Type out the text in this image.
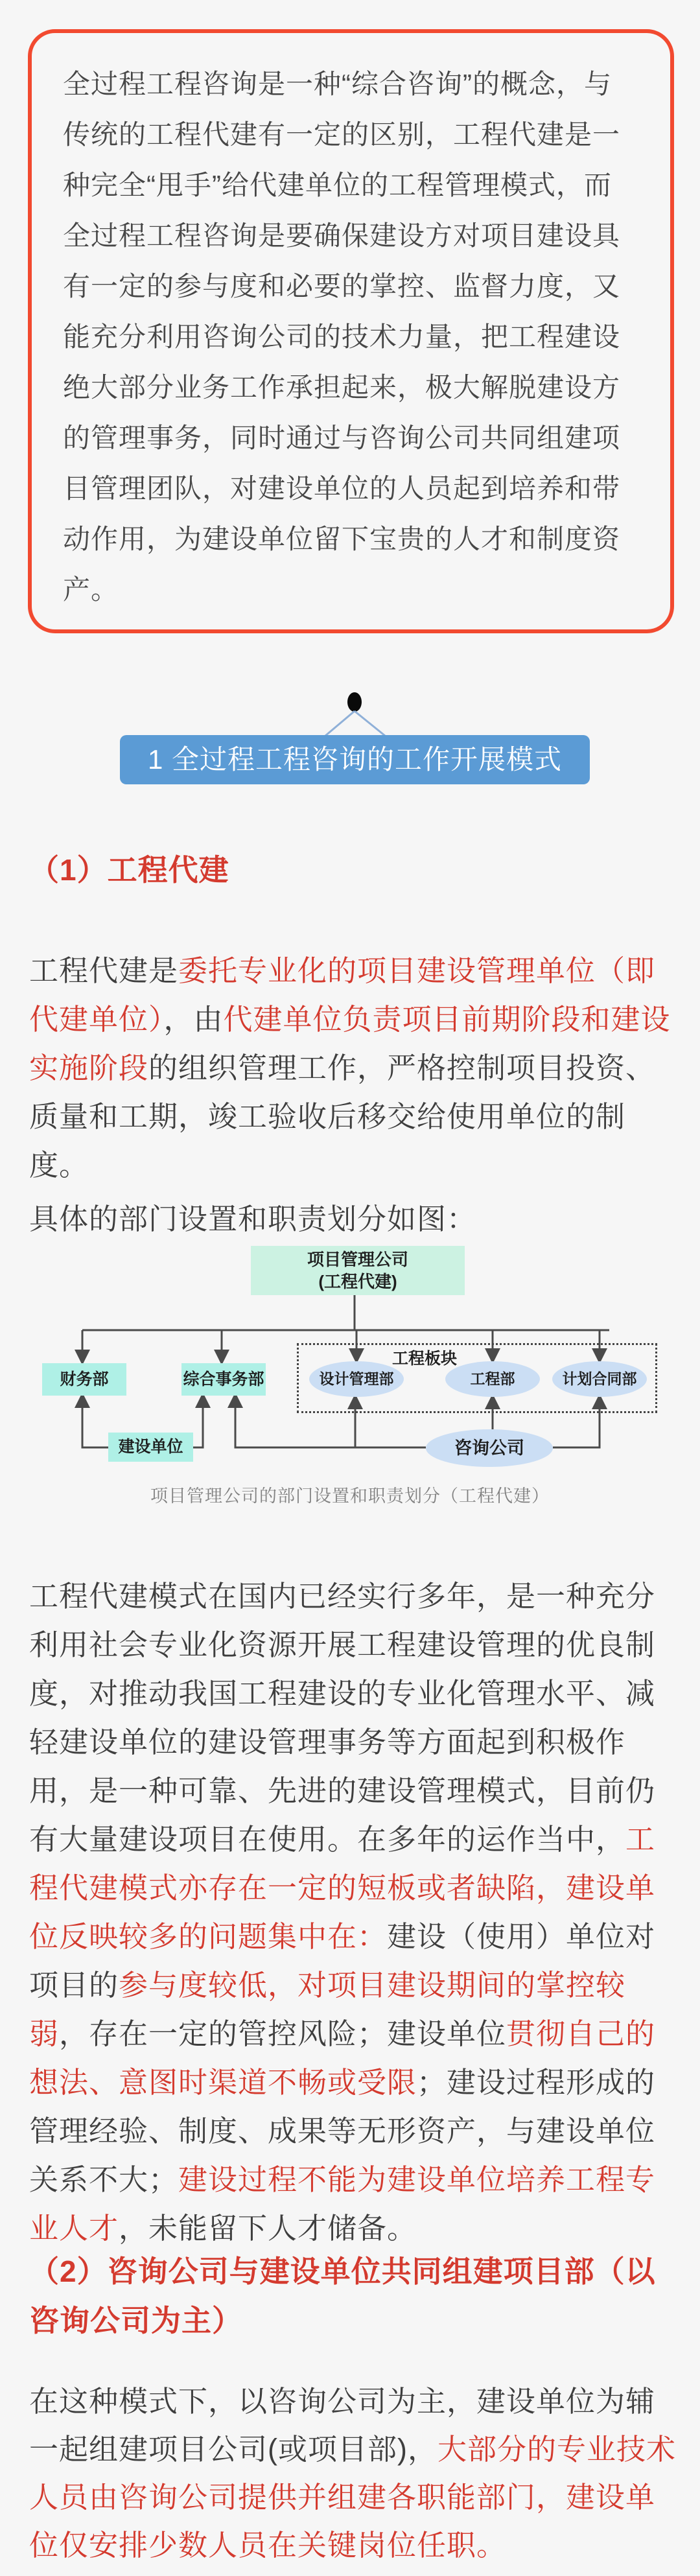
全过程工程咨询是一种“综合咨询”的概念，与传统的工程代建有一定的区别，工程代建是一种完全“甩手”给代建单位的工程管理模式，而全过程工程咨询是要确保建设方对项目建设具有一定的参与度和必要的掌控、监督力度，又能充分利用咨询公司的技术力量，把工程建设绝大部分业务工作承担起来，极大解脱建设方的管理事务，同时通过与咨询公司共同组建项目管理团队，对建设单位的人员起到培养和带动作用，为建设单位留下宝贵的人才和制度资产。
1 全过程工程咨询的工作开展模式
（1）工程代建
工程代建是委托专业化的项目建设管理单位（即代建单位），由代建单位负责项目前期阶段和建设实施阶段的组织管理工作，严格控制项目投资、质量和工期，竣工验收后移交给使用单位的制度。
具体的部门设置和职责划分如图：
项目管理公司
(工程代建)
工程板块
财务部	综合事务部
建设单位
设计管理部	工程部	计划合同部
咨询公司
项目管理公司的部门设置和职责划分（工程代建）
工程代建模式在国内已经实行多年，是一种充分利用社会专业化资源开展工程建设管理的优良制度，对推动我国工程建设的专业化管理水平、减轻建设单位的建设管理事务等方面起到积极作用，是一种可靠、先进的建设管理模式，目前仍有大量建设项目在使用。在多年的运作当中，工程代建模式亦存在一定的短板或者缺陷，建设单位反映较多的问题集中在：建设（使用）单位对项目的参与度较低，对项目建设期间的掌控较弱，存在一定的管控风险；建设单位贯彻自己的想法、意图时渠道不畅或受限；建设过程形成的管理经验、制度、成果等无形资产，与建设单位关系不大；建设过程不能为建设单位培养工程专业人才，未能留下人才储备。
（2）咨询公司与建设单位共同组建项目部（以咨询公司为主）
在这种模式下，以咨询公司为主，建设单位为辅一起组建项目公司(或项目部)，大部分的专业技术人员由咨询公司提供并组建各职能部门，建设单位仅安排少数人员在关键岗位任职。
